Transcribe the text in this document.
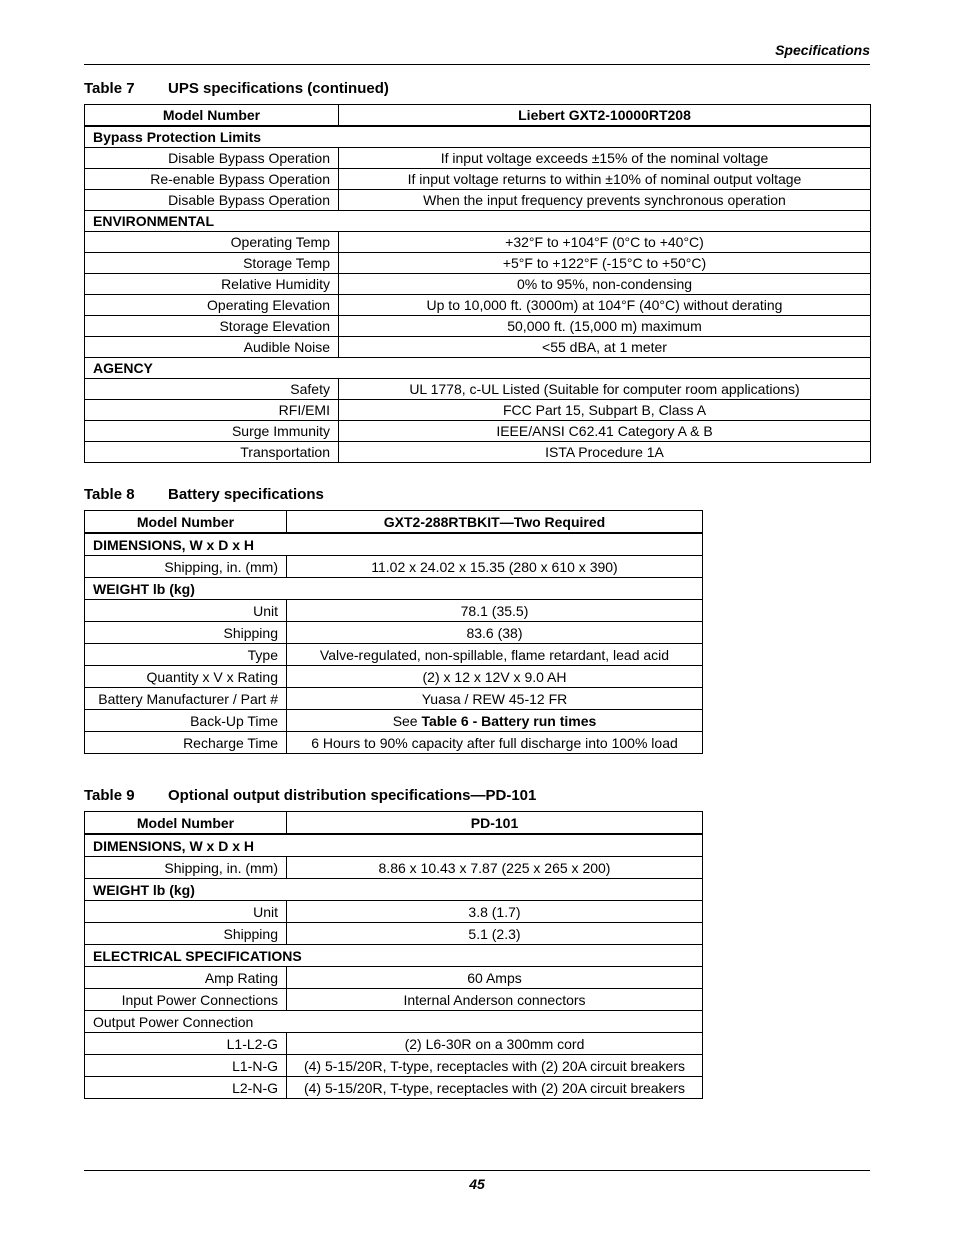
Specifications
Table 7 UPS specifications (continued)
Model Number	Liebert GXT2-10000RT208
Bypass Protection Limits	
Disable Bypass Operation	If input voltage exceeds ±15% of the nominal voltage
Re-enable Bypass Operation	If input voltage returns to within ±10% of nominal output voltage
Disable Bypass Operation	When the input frequency prevents synchronous operation
ENVIRONMENTAL	
Operating Temp	+32°F to +104°F (0°C to +40°C)
Storage Temp	+5°F to +122°F (-15°C to +50°C)
Relative Humidity	0% to 95%, non-condensing
Operating Elevation	Up to 10,000 ft. (3000m) at 104°F (40°C) without derating
Storage Elevation	50,000 ft. (15,000 m) maximum
Audible Noise	<55 dBA, at 1 meter
AGENCY	
Safety	UL 1778, c-UL Listed (Suitable for computer room applications)
RFI/EMI	FCC Part 15, Subpart B, Class A
Surge Immunity	IEEE/ANSI C62.41 Category A & B
Transportation	ISTA Procedure 1A
Table 8 Battery specifications
Model Number	GXT2-288RTBKIT—Two Required
DIMENSIONS, W x D x H	
Shipping, in. (mm)	11.02 x 24.02 x 15.35 (280 x 610 x 390)
WEIGHT lb (kg)	
Unit	78.1 (35.5)
Shipping	83.6 (38)
Type	Valve-regulated, non-spillable, flame retardant, lead acid
Quantity x V x Rating	(2) x 12 x 12V x 9.0 AH
Battery Manufacturer / Part #	Yuasa / REW 45-12 FR
Back-Up Time	See Table 6 - Battery run times
Recharge Time	6 Hours to 90% capacity after full discharge into 100% load
Table 9 Optional output distribution specifications—PD-101
Model Number	PD-101
DIMENSIONS, W x D x H	
Shipping, in. (mm)	8.86 x 10.43 x 7.87 (225 x 265 x 200)
WEIGHT lb (kg)	
Unit	3.8 (1.7)
Shipping	5.1 (2.3)
ELECTRICAL SPECIFICATIONS	
Amp Rating	60 Amps
Input Power Connections	Internal Anderson connectors
Output Power Connection	
L1-L2-G	(2) L6-30R on a 300mm cord
L1-N-G	(4) 5-15/20R, T-type, receptacles with (2) 20A circuit breakers
L2-N-G	(4) 5-15/20R, T-type, receptacles with (2) 20A circuit breakers
45
